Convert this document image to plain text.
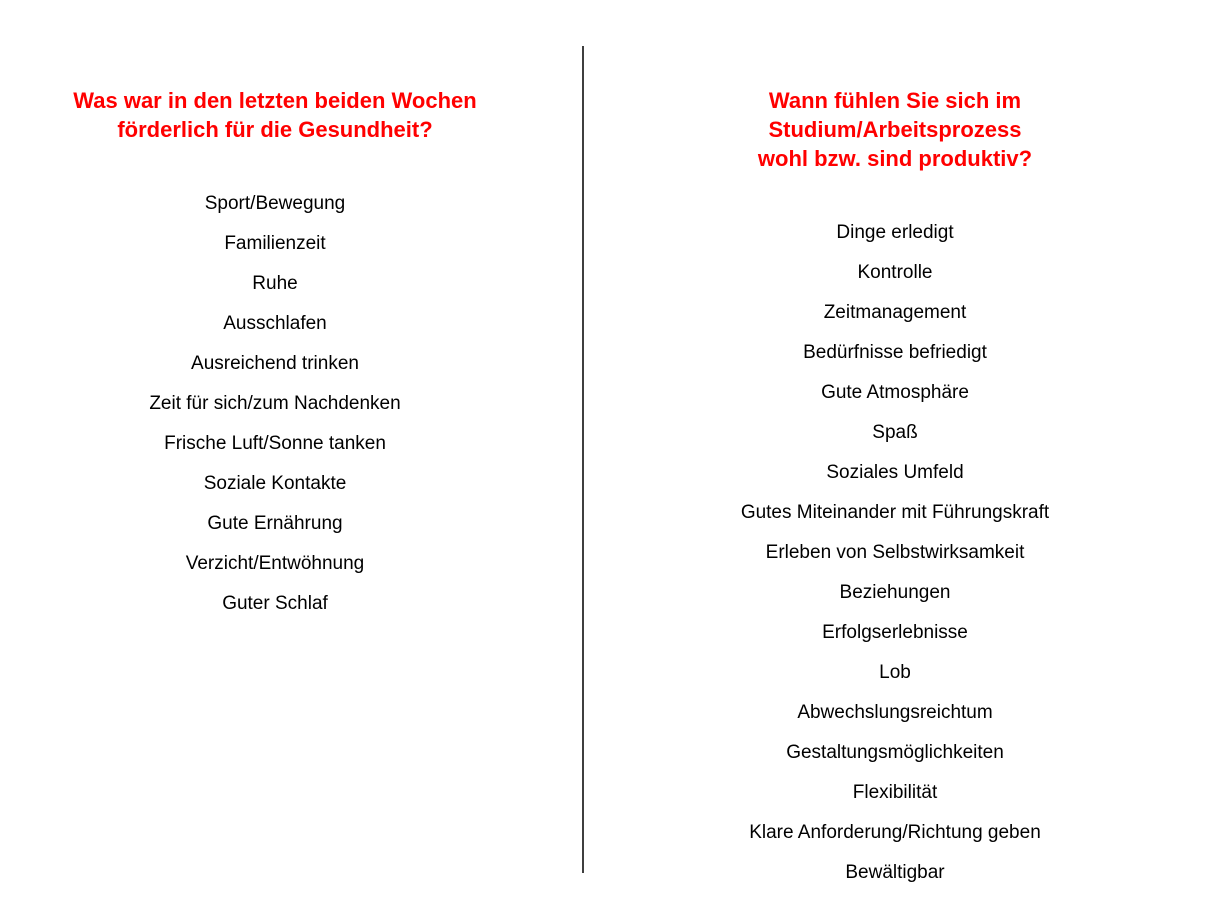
Was war in den letzten beiden Wochen
förderlich für die Gesundheit?
Sport/Bewegung
Familienzeit
Ruhe
Ausschlafen
Ausreichend trinken
Zeit für sich/zum Nachdenken
Frische Luft/Sonne tanken
Soziale Kontakte
Gute Ernährung
Verzicht/Entwöhnung
Guter Schlaf
Wann fühlen Sie sich im Studium/Arbeitsprozess
wohl bzw. sind produktiv?
Dinge erledigt
Kontrolle
Zeitmanagement
Bedürfnisse befriedigt
Gute Atmosphäre
Spaß
Soziales Umfeld
Gutes Miteinander mit Führungskraft
Erleben von Selbstwirksamkeit
Beziehungen
Erfolgserlebnisse
Lob
Abwechslungsreichtum
Gestaltungsmöglichkeiten
Flexibilität
Klare Anforderung/Richtung geben
Bewältigbar
